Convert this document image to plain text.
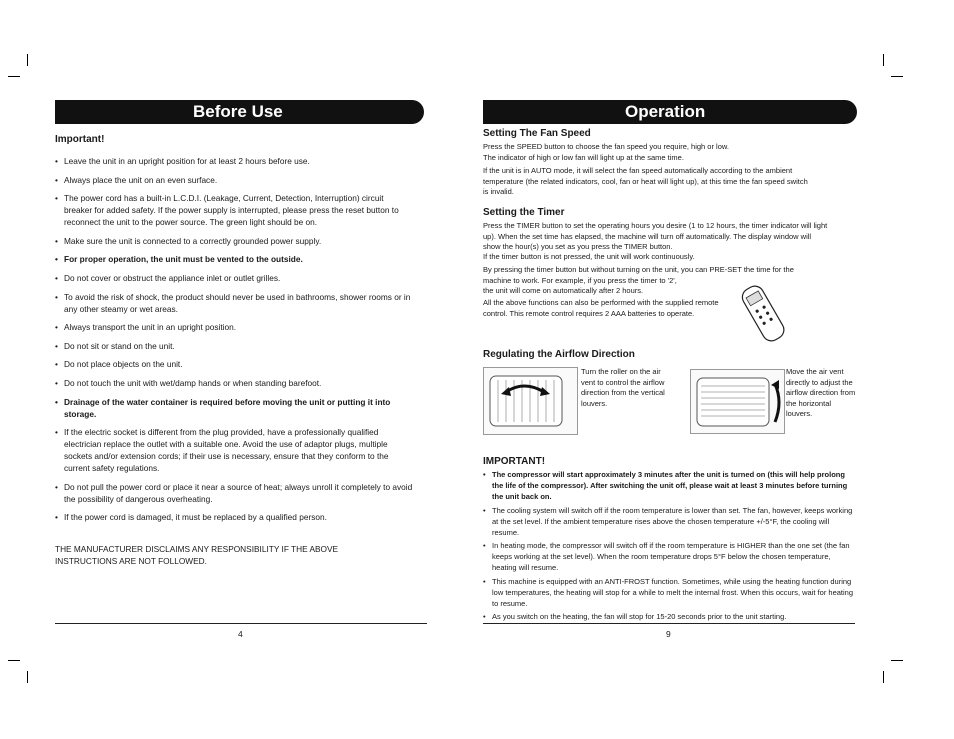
Before Use
Important!
• Leave the unit in an upright position for at least 2 hours before use.
• Always place the unit on an even surface.
• The power cord has a built-in L.C.D.I. (Leakage, Current, Detection, Interruption) circuit breaker for added safety. If the power supply is interrupted, please press the reset button to reconnect the unit to the power source. The green light should be on.
• Make sure the unit is connected to a correctly grounded power supply.
• For proper operation, the unit must be vented to the outside.
• Do not cover or obstruct the appliance inlet or outlet grilles.
• To avoid the risk of shock, the product should never be used in bathrooms, shower rooms or in any other steamy or wet areas.
• Always transport the unit in an upright position.
• Do not sit or stand on the unit.
• Do not place objects on the unit.
• Do not touch the unit with wet/damp hands or when standing barefoot.
• Drainage of the water container is required before moving the unit or putting it into storage.
• If the electric socket is different from the plug provided, have a professionally qualified electrician replace the outlet with a suitable one. Avoid the use of adaptor plugs, multiple sockets and/or extension cords; if their use is necessary, ensure that they conform to the current safety regulations.
• Do not pull the power cord or place it near a source of heat; always unroll it completely to avoid the possibility of dangerous overheating.
• If the power cord is damaged, it must be replaced by a qualified person.
THE MANUFACTURER DISCLAIMS ANY RESPONSIBILITY IF THE ABOVE INSTRUCTIONS ARE NOT FOLLOWED.
4
Operation
Setting The Fan Speed
Press the SPEED button to choose the fan speed you require, high or low.
The indicator of high or low fan will light up at the same time.
If the unit is in AUTO mode, it will select the fan speed automatically according to the ambient temperature (the related indicators, cool, fan or heat will light up), at this time the fan speed switch is invalid.
Setting the Timer
Press the TIMER button to set the operating hours you desire (1 to 12 hours, the timer indicator will light up). When the set time has elapsed, the machine will turn off automatically. The display window will show the hour(s) you set as you press the TIMER button.
If the timer button is not pressed, the unit will work continuously.
By pressing the timer button but without turning on the unit, you can PRE-SET the time for the machine to work. For example, if you press the timer to '2',
the unit will come on automatically after 2 hours.
All the above functions can also be performed with the supplied remote control. This remote control requires 2 AAA batteries to operate.
Regulating the Airflow Direction
Turn the roller on the air vent to control the airflow direction from the vertical louvers.
Move the air vent directly to adjust the airflow direction from the horizontal louvers.
IMPORTANT!
• The compressor will start approximately 3 minutes after the unit is turned on (this will help prolong the life of the compressor). After switching the unit off, please wait at least 3 minutes before turning the unit back on.
• The cooling system will switch off if the room temperature is lower than set. The fan, however, keeps working at the set level. If the ambient temperature rises above the chosen temperature +/-5°F, the cooling will resume.
• In heating mode, the compressor will switch off if the room temperature is HIGHER than the one set (the fan keeps working at the set level). When the room temperature drops 5°F below the chosen temperature, heating will resume.
• This machine is equipped with an ANTI-FROST function. Sometimes, while using the heating function during low temperatures, the heating will stop for a while to melt the internal frost. When this occurs, wait for heating to resume.
• As you switch on the heating, the fan will stop for 15-20 seconds prior to the unit starting.
9
